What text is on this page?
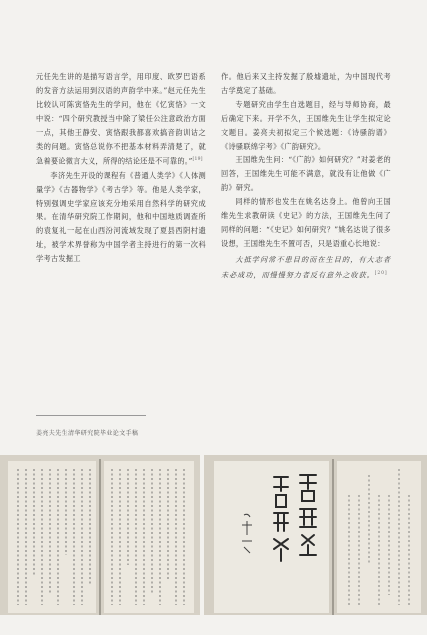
元任先生讲的是描写语言学，用印度、欧罗巴语系的发音方法运用到汉语的声韵学中来。”赵元任先生比较认可陈寅恪先生的学问，他在《忆寅恪》一文中说：“四个研究教授当中除了梁任公注意政治方面一点，其他王静安、寅恪跟我都喜欢搞音韵训诂之类的问题。寅恪总说你不把基本材料弄清楚了，就急着要论微言大义，所得的结论还是不可靠的。”[19]

李济先生开设的课程有《普通人类学》《人体测量学》《古器物学》《考古学》等。他是人类学家，特别强调史学家应该充分地采用自然科学的研究成果。在清华研究院工作期间，他和中国地质调查所的袁复礼一起在山西汾河流域发现了夏县西阴村遗址，被学术界誉称为中国学者主持进行的第一次科学考古发掘工

作。他后来又主持发掘了殷墟遗址，为中国现代考古学奠定了基础。

专题研究由学生自选题目，经与导师协商，最后确定下来。开学不久，王国维先生让学生拟定论文题目。姜亮夫初拟定三个候选题：《诗骚韵谱》《诗骚联绵字考》《广韵研究》。

王国维先生问：“《广韵》如何研究？”对姜老的回答，王国维先生可能不满意，就没有让他做《广韵》研究。

同样的情形也发生在姚名达身上。他曾向王国维先生求教研读《史记》的方法，王国维先生问了同样的问题：“《史记》如何研究？”姚名达说了很多设想，王国维先生不置可否，只是语重心长地说：

大抵学问常不患目的而在生目的，有大志者未必成功，而慢慢努力者反有意外之收获。[20]

姜亮夫先生清华研究院毕业论文手稿
